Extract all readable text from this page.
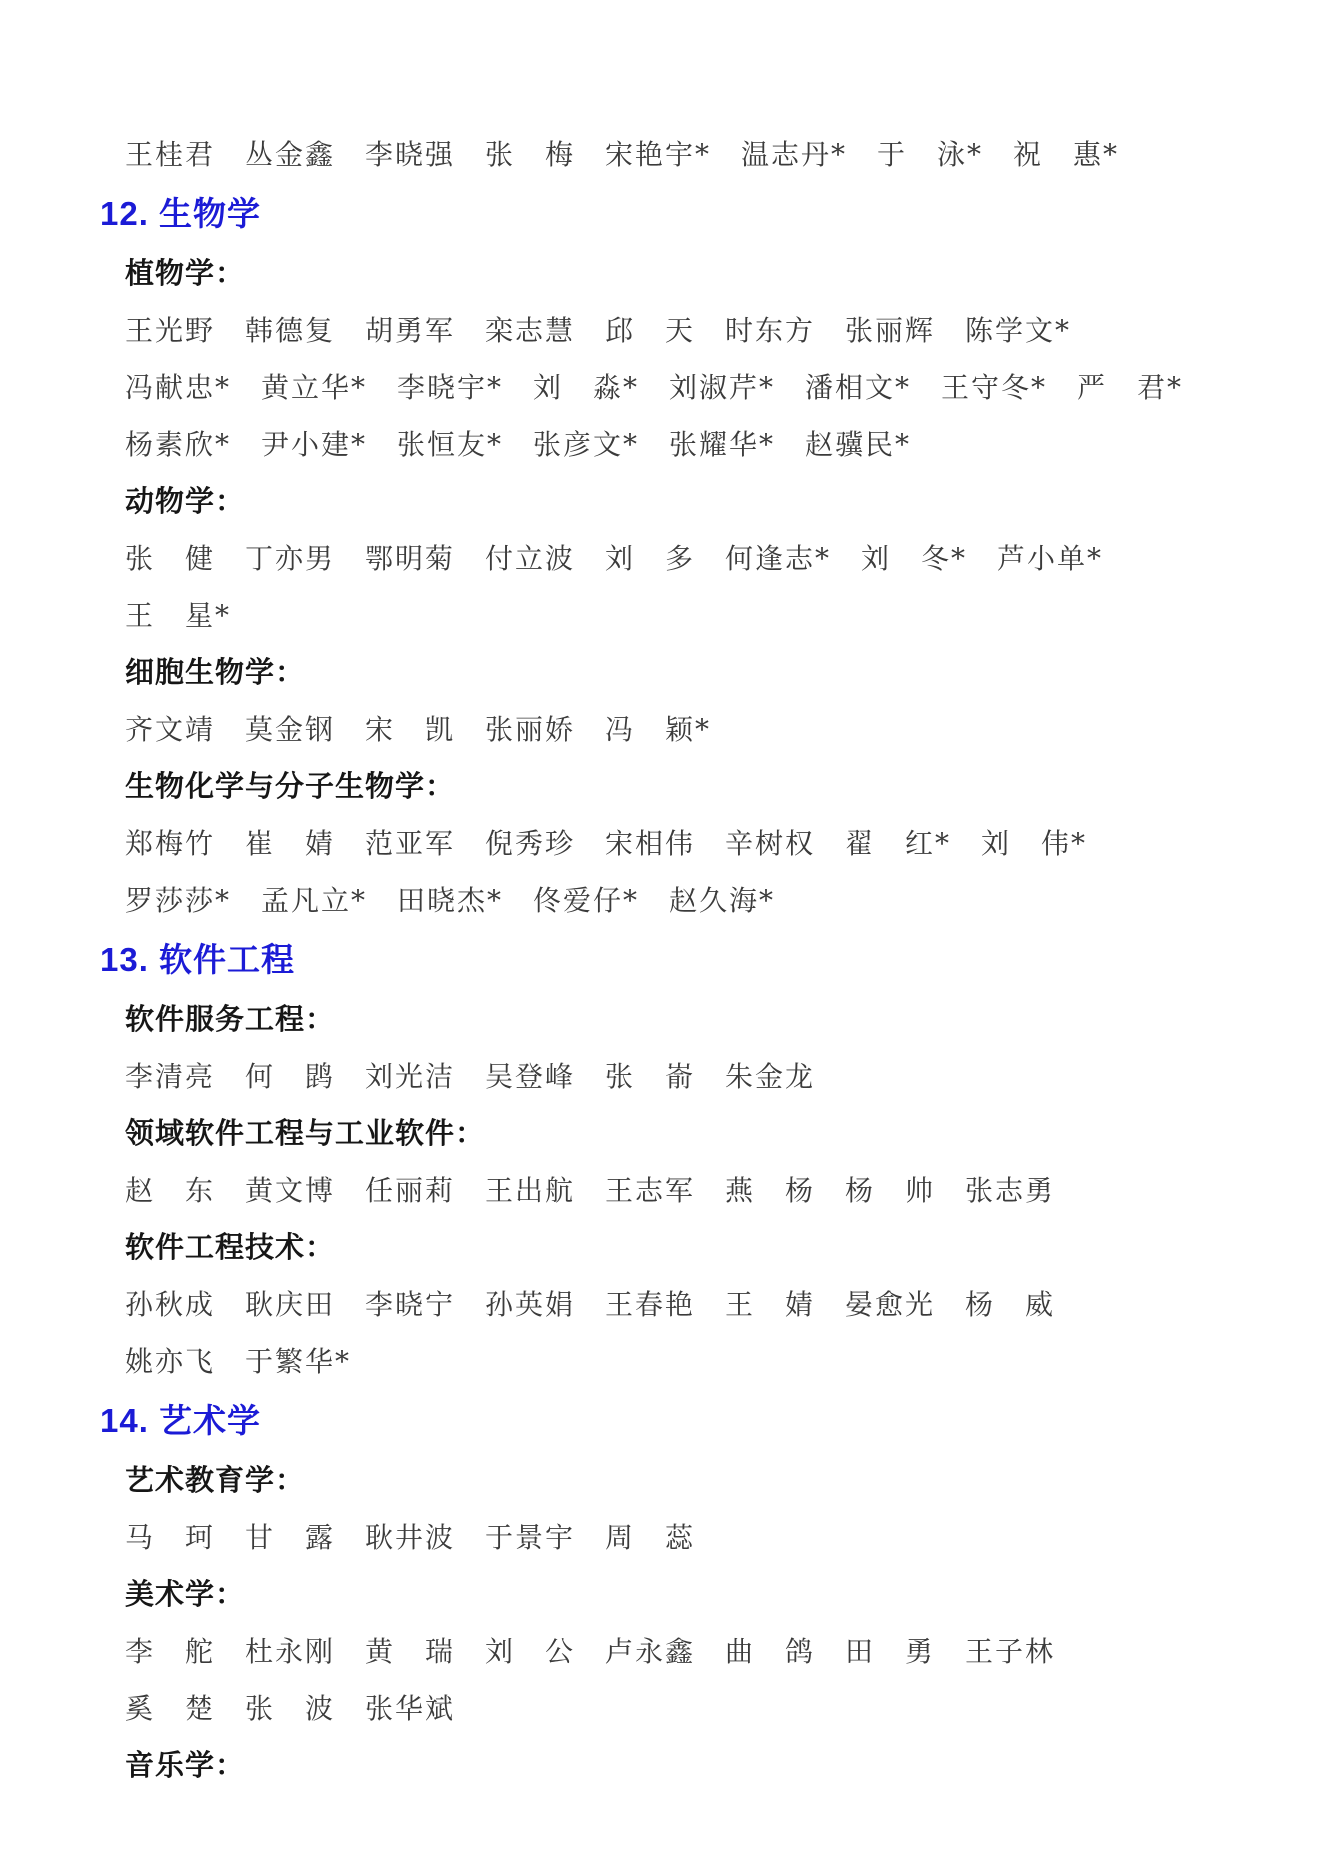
王桂君　丛金鑫　李晓强　张　梅　宋艳宇*　温志丹*　于　泳*　祝　惠*

12. 生物学

植物学：

王光野　韩德复　胡勇军　栾志慧　邱　天　时东方　张丽辉　陈学文*

冯献忠*　黄立华*　李晓宇*　刘　淼*　刘淑芹*　潘相文*　王守冬*　严　君*

杨素欣*　尹小建*　张恒友*　张彦文*　张耀华*　赵骥民*

动物学：

张　健　丁亦男　鄂明菊　付立波　刘　多　何逢志*　刘　冬*　芦小单*

王　星*

细胞生物学：

齐文靖　莫金钢　宋　凯　张丽娇　冯　颖*

生物化学与分子生物学：

郑梅竹　崔　婧　范亚军　倪秀珍　宋相伟　辛树权　翟　红*　刘　伟*

罗莎莎*　孟凡立*　田晓杰*　佟爱仔*　赵久海*

13. 软件工程

软件服务工程：

李清亮　何　鹍　刘光洁　吴登峰　张　嵛　朱金龙

领域软件工程与工业软件：

赵　东　黄文博　任丽莉　王出航　王志军　燕　杨　杨　帅　张志勇

软件工程技术：

孙秋成　耿庆田　李晓宁　孙英娟　王春艳　王　婧　晏愈光　杨　威

姚亦飞　于繁华*

14. 艺术学

艺术教育学：

马　珂　甘　露　耿井波　于景宇　周　蕊

美术学：

李　舵　杜永刚　黄　瑞　刘　公　卢永鑫　曲　鸽　田　勇　王子林

奚　楚　张　波　张华斌

音乐学：
